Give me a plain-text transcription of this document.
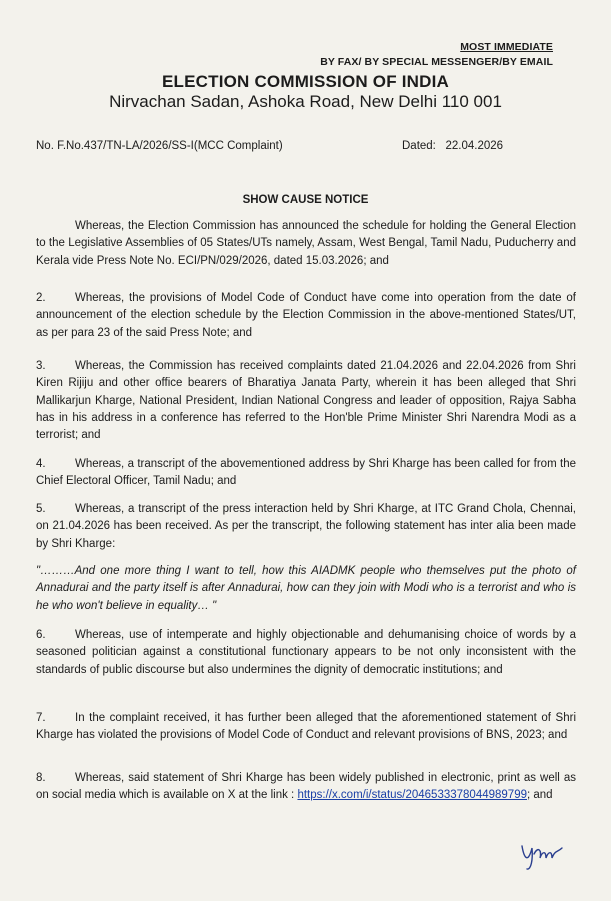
MOST IMMEDIATE
BY FAX/ BY SPECIAL MESSENGER/BY EMAIL
ELECTION COMMISSION OF INDIA
Nirvachan Sadan, Ashoka Road, New Delhi 110 001
No. F.No.437/TN-LA/2026/SS-I(MCC Complaint)	Dated: 22.04.2026
SHOW CAUSE NOTICE

Whereas, the Election Commission has announced the schedule for holding the General Election to the Legislative Assemblies of 05 States/UTs namely, Assam, West Bengal, Tamil Nadu, Puducherry and Kerala vide Press Note No. ECI/PN/029/2026, dated 15.03.2026; and

2.	Whereas, the provisions of Model Code of Conduct have come into operation from the date of announcement of the election schedule by the Election Commission in the above-mentioned States/UT, as per para 23 of the said Press Note; and

3.	Whereas, the Commission has received complaints dated 21.04.2026 and 22.04.2026 from Shri Kiren Rijiju and other office bearers of Bharatiya Janata Party, wherein it has been alleged that Shri Mallikarjun Kharge, National President, Indian National Congress and leader of opposition, Rajya Sabha has in his address in a conference has referred to the Hon'ble Prime Minister Shri Narendra Modi as a terrorist; and

4.	Whereas, a transcript of the abovementioned address by Shri Kharge has been called for from the Chief Electoral Officer, Tamil Nadu; and

5.	Whereas, a transcript of the press interaction held by Shri Kharge, at ITC Grand Chola, Chennai, on 21.04.2026 has been received. As per the transcript, the following statement has inter alia been made by Shri Kharge:

"………And one more thing I want to tell, how this AIADMK people who themselves put the photo of Annadurai and the party itself is after Annadurai, how can they join with Modi who is a terrorist and who is he who won't believe in equality… "

6.	Whereas, use of intemperate and highly objectionable and dehumanising choice of words by a seasoned politician against a constitutional functionary appears to be not only inconsistent with the standards of public discourse but also undermines the dignity of democratic institutions; and

7.	In the complaint received, it has further been alleged that the aforementioned statement of Shri Kharge has violated the provisions of Model Code of Conduct and relevant provisions of BNS, 2023; and

8.	Whereas, said statement of Shri Kharge has been widely published in electronic, print as well as on social media which is available on X at the link : https://x.com/i/status/2046533378044989799; and
